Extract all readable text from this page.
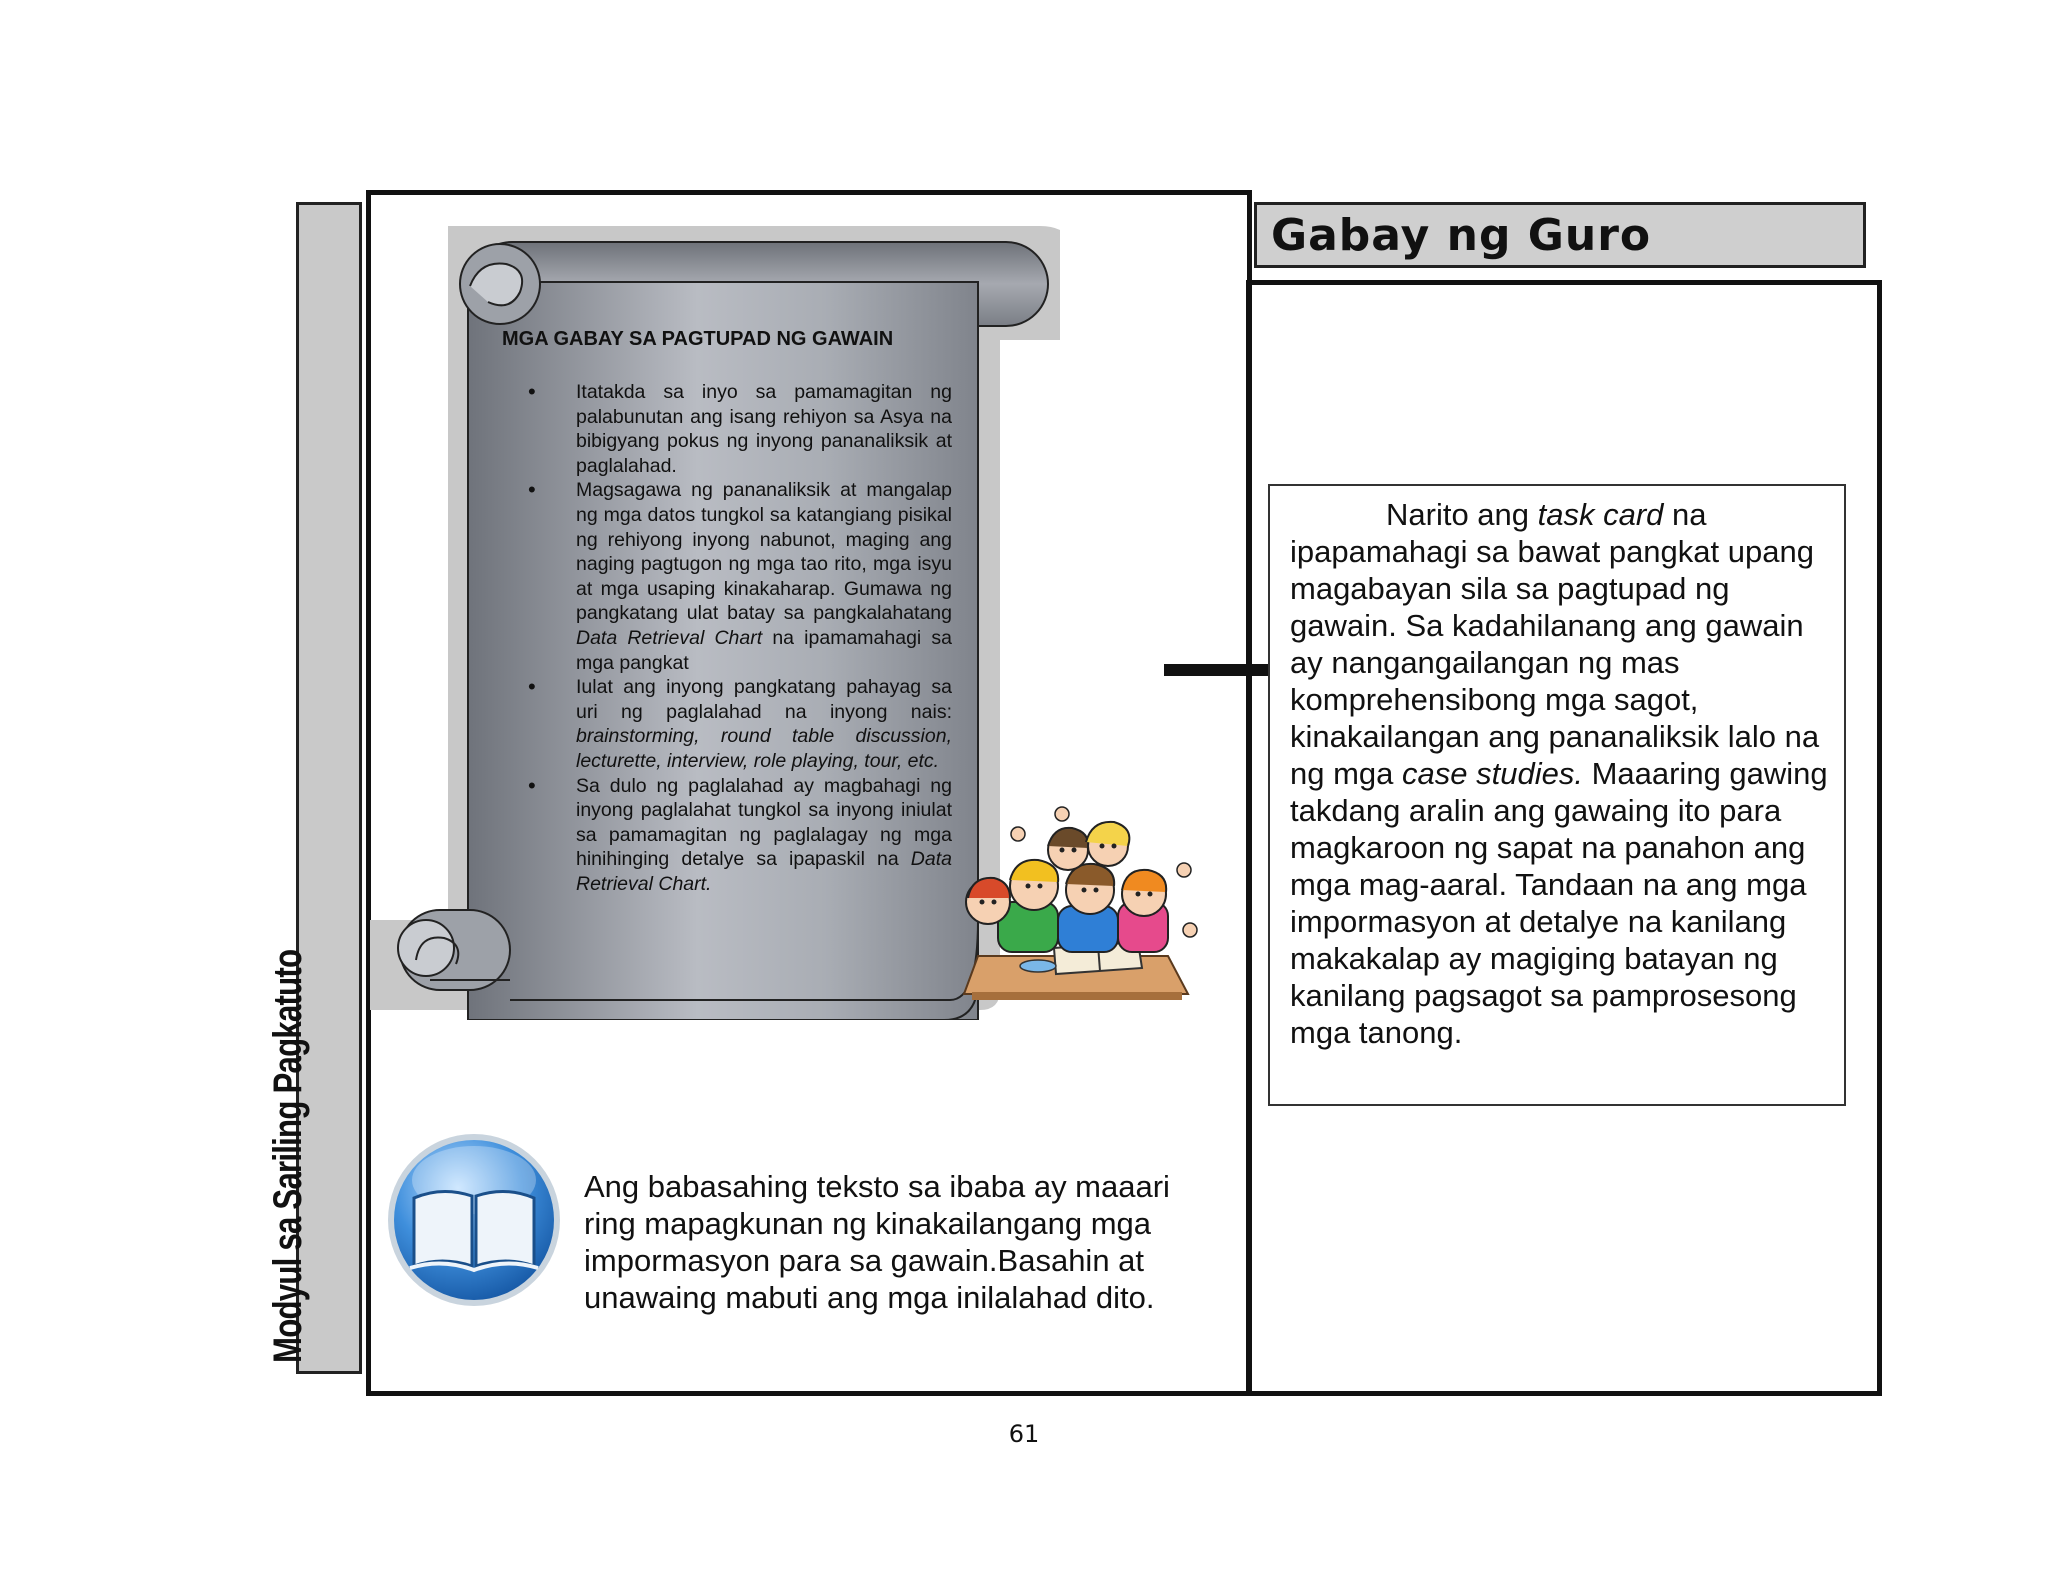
Modyul sa Sariling Pagkatuto
Gabay ng Guro
MGA GABAY SA PAGTUPAD NG GAWAIN
• Itatakda sa inyo sa pamamagitan ng palabunutan ang isang rehiyon sa Asya na bibigyang pokus ng inyong pananaliksik at paglalahad.
• Magsagawa ng pananaliksik at mangalap ng mga datos tungkol sa katangiang pisikal ng rehiyong inyong nabunot, maging ang naging pagtugon ng mga tao rito, mga isyu at mga usaping kinakaharap. Gumawa ng pangkatang ulat batay sa pangkalahatang Data Retrieval Chart na ipamamahagi sa mga pangkat
• Iulat ang inyong pangkatang pahayag sa uri ng paglalahad na inyong nais: brainstorming, round table discussion, lecturette, interview, role playing, tour, etc.
• Sa dulo ng paglalahad ay magbahagi ng inyong paglalahat tungkol sa inyong iniulat sa pamamagitan ng paglalagay ng mga hinihinging detalye sa ipapaskil na Data Retrieval Chart.
Ang babasahing teksto sa ibaba ay maaari ring mapagkunan ng kinakailangang mga impormasyon para sa gawain.Basahin at unawaing mabuti ang mga inilalahad dito.
Narito ang task card na ipapamahagi sa bawat pangkat upang magabayan sila sa pagtupad ng gawain. Sa kadahilanang ang gawain ay nangangailangan ng mas komprehensibong mga sagot, kinakailangan ang pananaliksik lalo na ng mga case studies. Maaaring gawing takdang aralin ang gawaing ito para magkaroon ng sapat na panahon ang mga mag-aaral. Tandaan na ang mga impormasyon at detalye na kanilang makakalap ay magiging batayan ng kanilang pagsagot sa pamprosesong mga tanong.
61
